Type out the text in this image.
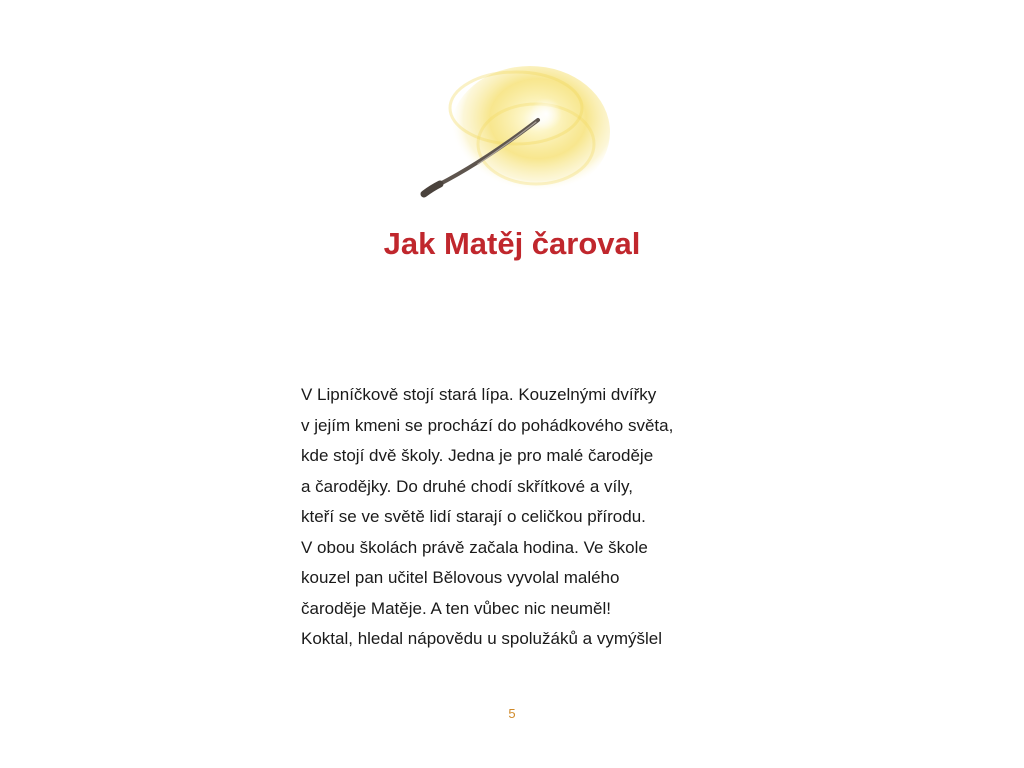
Jak Matěj čaroval
V Lipníčkově stojí stará lípa. Kouzelnými dvířky
v jejím kmeni se prochází do pohádkového světa,
kde stojí dvě školy. Jedna je pro malé čaroděje
a čarodějky. Do druhé chodí skřítkové a víly,
kteří se ve světě lidí starají o celičkou přírodu.
V obou školách právě začala hodina. Ve škole
kouzel pan učitel Bělovous vyvolal malého
čaroděje Matěje. A ten vůbec nic neuměl!
Koktal, hledal nápovědu u spolužáků a vymýšlel
5
